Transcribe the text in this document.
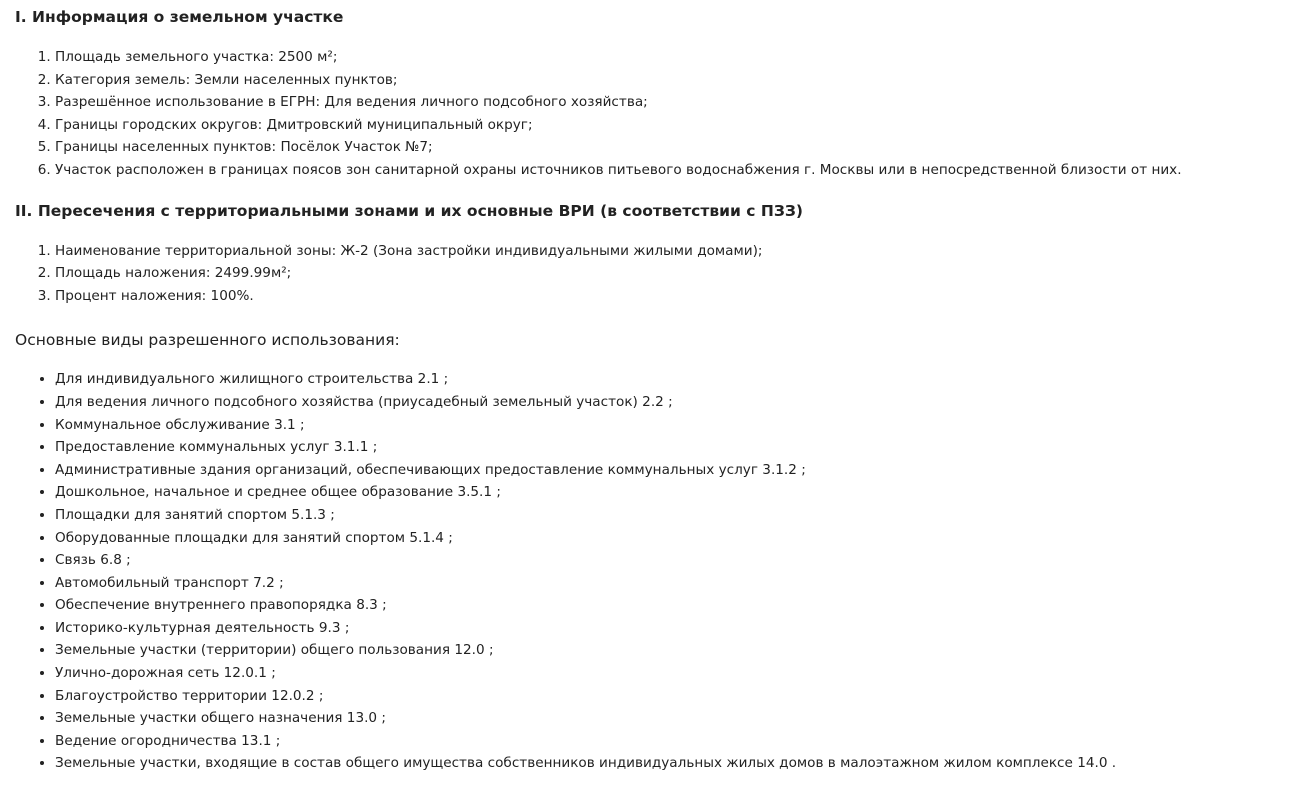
I. Информация о земельном участке
1. Площадь земельного участка: 2500 м²;
2. Категория земель: Земли населенных пунктов;
3. Разрешённое использование в ЕГРН: Для ведения личного подсобного хозяйства;
4. Границы городских округов: Дмитровский муниципальный округ;
5. Границы населенных пунктов: Посёлок Участок №7;
6. Участок расположен в границах поясов зон санитарной охраны источников питьевого водоснабжения г. Москвы или в непосредственной близости от них.
II. Пересечения с территориальными зонами и их основные ВРИ (в соответствии с ПЗЗ)
1. Наименование территориальной зоны: Ж-2 (Зона застройки индивидуальными жилыми домами);
2. Площадь наложения: 2499.99м²;
3. Процент наложения: 100%.

Основные виды разрешенного использования:

• Для индивидуального жилищного строительства 2.1 ;
• Для ведения личного подсобного хозяйства (приусадебный земельный участок) 2.2 ;
• Коммунальное обслуживание 3.1 ;
• Предоставление коммунальных услуг 3.1.1 ;
• Административные здания организаций, обеспечивающих предоставление коммунальных услуг 3.1.2 ;
• Дошкольное, начальное и среднее общее образование 3.5.1 ;
• Площадки для занятий спортом 5.1.3 ;
• Оборудованные площадки для занятий спортом 5.1.4 ;
• Связь 6.8 ;
• Автомобильный транспорт 7.2 ;
• Обеспечение внутреннего правопорядка 8.3 ;
• Историко-культурная деятельность 9.3 ;
• Земельные участки (территории) общего пользования 12.0 ;
• Улично-дорожная сеть 12.0.1 ;
• Благоустройство территории 12.0.2 ;
• Земельные участки общего назначения 13.0 ;
• Ведение огородничества 13.1 ;
• Земельные участки, входящие в состав общего имущества собственников индивидуальных жилых домов в малоэтажном жилом комплексе 14.0 .
